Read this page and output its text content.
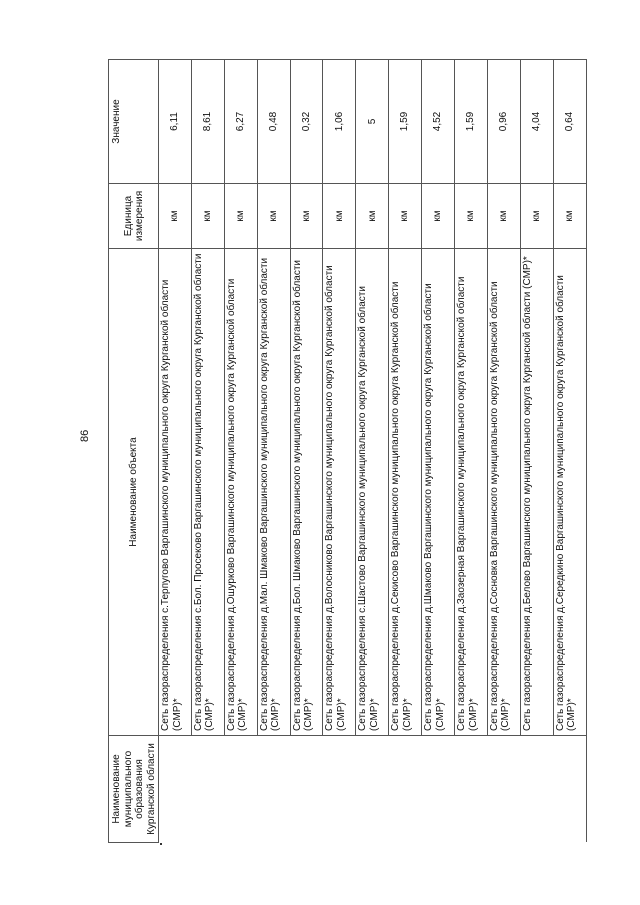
86
Наименование муниципального образования Курганской области	Наименование объекта	Единица измерения	Значение
	Сеть газораспределения с.Терпугово Варгашинского муниципального округа Курганской области (СМР)*	км	6,11
	Сеть газораспределения с.Бол. Просеково Варгашинского муниципального округа Курганской области (СМР)*	км	8,61
	Сеть газораспределения д.Ошурково Варгашинского муниципального округа Курганской области (СМР)*	км	6,27
	Сеть газораспределения д.Мал. Шмаково Варгашинского муниципального округа Курганской области (СМР)*	км	0,48
	Сеть газораспределения д.Бол. Шмаково Варгашинского муниципального округа Курганской области (СМР)*	км	0,32
	Сеть газораспределения д.Волосниково Варгашинского муниципального округа Курганской области (СМР)*	км	1,06
	Сеть газораспределения с.Шастово Варгашинского муниципального округа Курганской области (СМР)*	км	5
	Сеть газораспределения д.Секисово Варгашинского муниципального округа Курганской области (СМР)*	км	1,59
	Сеть газораспределения д.Шмаково Варгашинского муниципального округа Курганской области (СМР)*	км	4,52
	Сеть газораспределения д.Заозерная Варгашинского муниципального округа Курганской области (СМР)*	км	1,59
	Сеть газораспределения д.Сосновка Варгашинского муниципального округа Курганской области (СМР)*	км	0,96
	Сеть газораспределения д.Белово Варгашинского муниципального округа Курганской области (СМР)*	км	4,04
	Сеть газораспределения д.Середкино Варгашинского муниципального округа Курганской области (СМР)*	км	0,64
